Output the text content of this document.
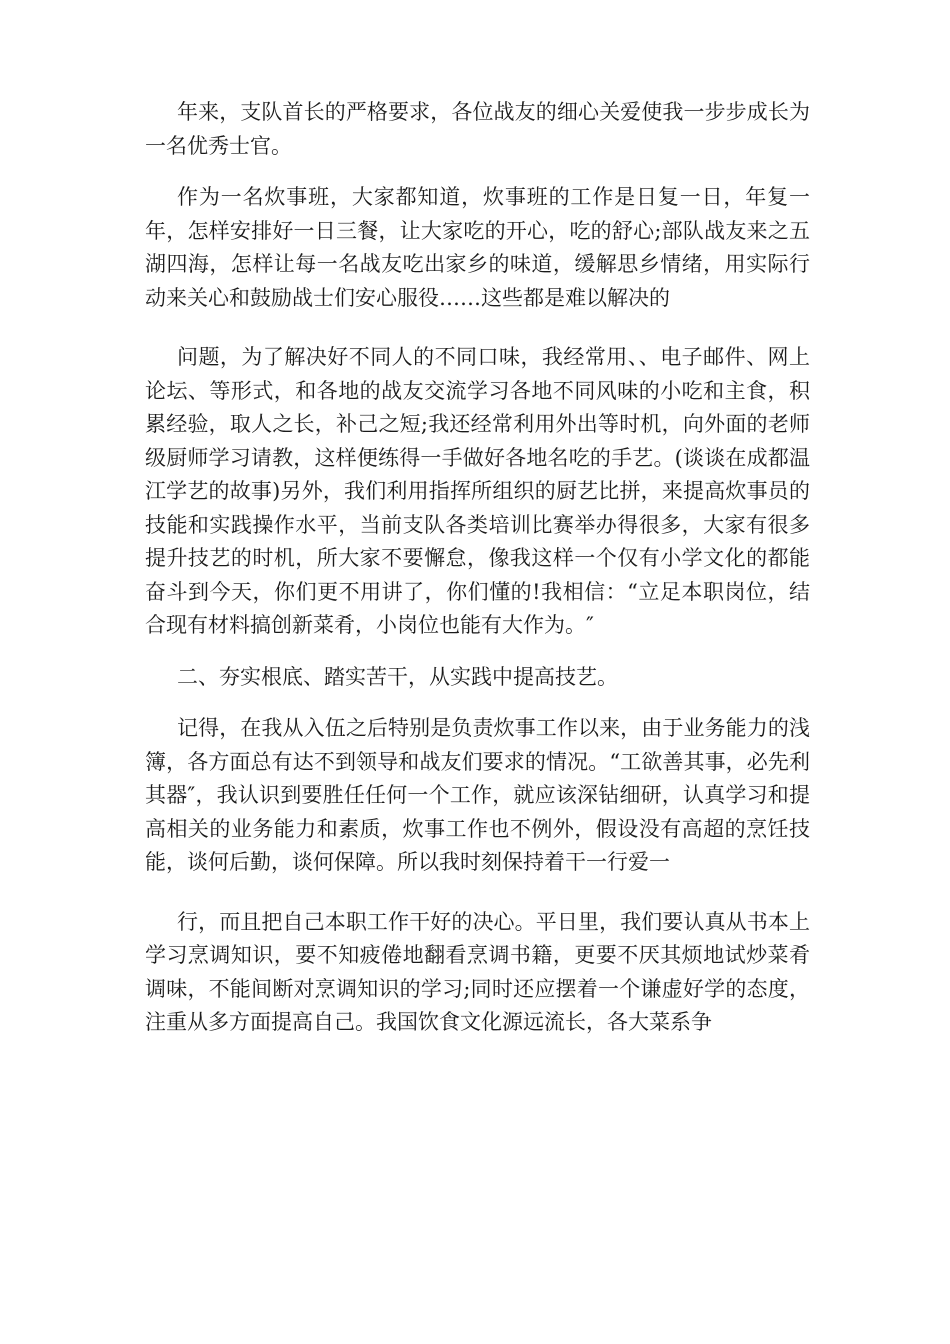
年来，支队首长的严格要求，各位战友的细心关爱使我一步步成长为一名优秀士官。

作为一名炊事班，大家都知道，炊事班的工作是日复一日，年复一年，怎样安排好一日三餐，让大家吃的开心，吃的舒心;部队战友来之五湖四海，怎样让每一名战友吃出家乡的味道，缓解思乡情绪，用实际行动来关心和鼓励战士们安心服役……这些都是难以解决的

问题，为了解决好不同人的不同口味，我经常用、、电子邮件、网上论坛、等形式，和各地的战友交流学习各地不同风味的小吃和主食，积累经验，取人之长，补己之短;我还经常利用外出等时机，向外面的老师级厨师学习请教，这样便练得一手做好各地名吃的手艺。(谈谈在成都温江学艺的故事)另外，我们利用指挥所组织的厨艺比拼，来提高炊事员的技能和实践操作水平，当前支队各类培训比赛举办得很多，大家有很多提升技艺的时机，所大家不要懈怠，像我这样一个仅有小学文化的都能奋斗到今天，你们更不用讲了，你们懂的!我相信：“立足本职岗位，结合现有材料搞创新菜肴，小岗位也能有大作为。″

二、夯实根底、踏实苦干，从实践中提高技艺。

记得，在我从入伍之后特别是负责炊事工作以来，由于业务能力的浅簿，各方面总有达不到领导和战友们要求的情况。“工欲善其事，必先利其器″，我认识到要胜任任何一个工作，就应该深钻细研，认真学习和提高相关的业务能力和素质，炊事工作也不例外，假设没有高超的烹饪技能，谈何后勤，谈何保障。所以我时刻保持着干一行爱一

行，而且把自己本职工作干好的决心。平日里，我们要认真从书本上学习烹调知识，要不知疲倦地翻看烹调书籍，更要不厌其烦地试炒菜肴调味，不能间断对烹调知识的学习;同时还应摆着一个谦虚好学的态度，注重从多方面提高自己。我国饮食文化源远流长，各大菜系争
